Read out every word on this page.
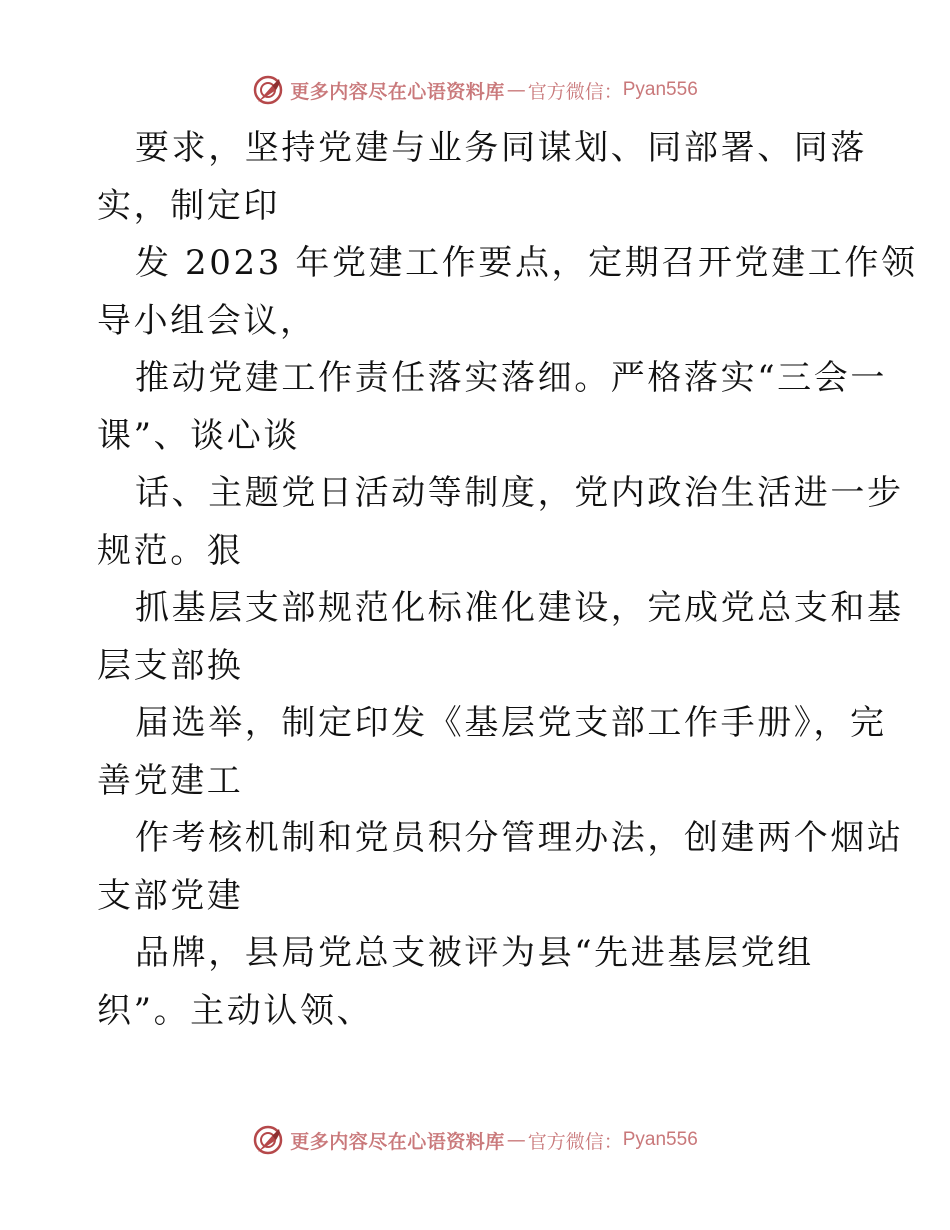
更多内容尽在心语资料库 — 官方微信： Pyan556
要求，坚持党建与业务同谋划、同部署、同落
实，制定印
发 2023 年党建工作要点，定期召开党建工作领
导小组会议，
推动党建工作责任落实落细。严格落实“三会一
课”、谈心谈
话、主题党日活动等制度，党内政治生活进一步
规范。狠
抓基层支部规范化标准化建设，完成党总支和基
层支部换
届选举，制定印发《基层党支部工作手册》，完
善党建工
作考核机制和党员积分管理办法，创建两个烟站
支部党建
品牌，县局党总支被评为县“先进基层党组
织”。主动认领、
更多内容尽在心语资料库 — 官方微信： Pyan556
